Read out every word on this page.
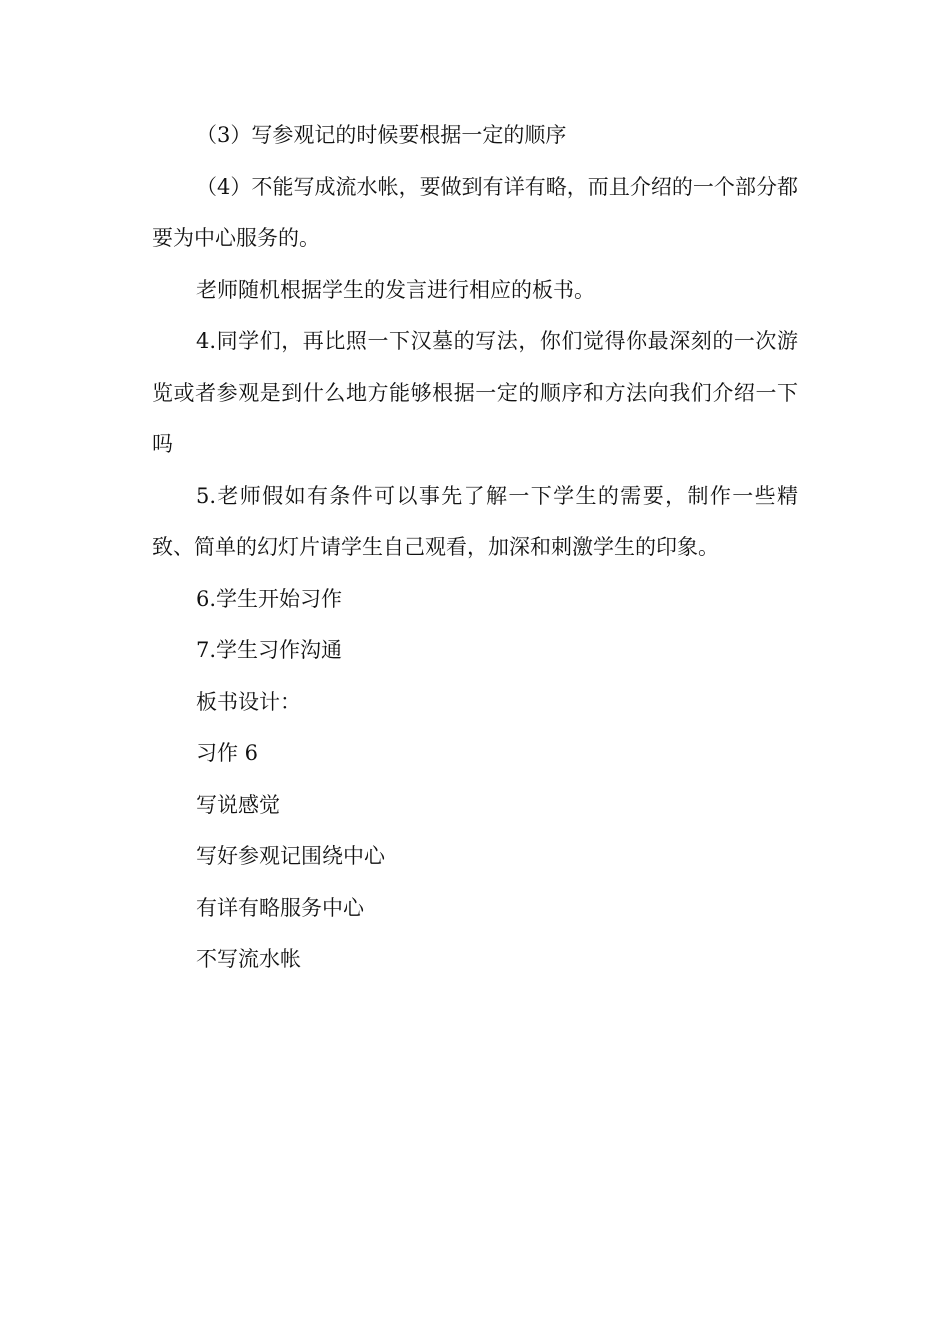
（3）写参观记的时候要根据一定的顺序

（4）不能写成流水帐，要做到有详有略，而且介绍的一个部分都要为中心服务的。

老师随机根据学生的发言进行相应的板书。

4.同学们，再比照一下汉墓的写法，你们觉得你最深刻的一次游览或者参观是到什么地方能够根据一定的顺序和方法向我们介绍一下吗

5.老师假如有条件可以事先了解一下学生的需要，制作一些精致、简单的幻灯片请学生自己观看，加深和刺激学生的印象。

6.学生开始习作

7.学生习作沟通

板书设计：

习作 6

写说感觉

写好参观记围绕中心

有详有略服务中心

不写流水帐
